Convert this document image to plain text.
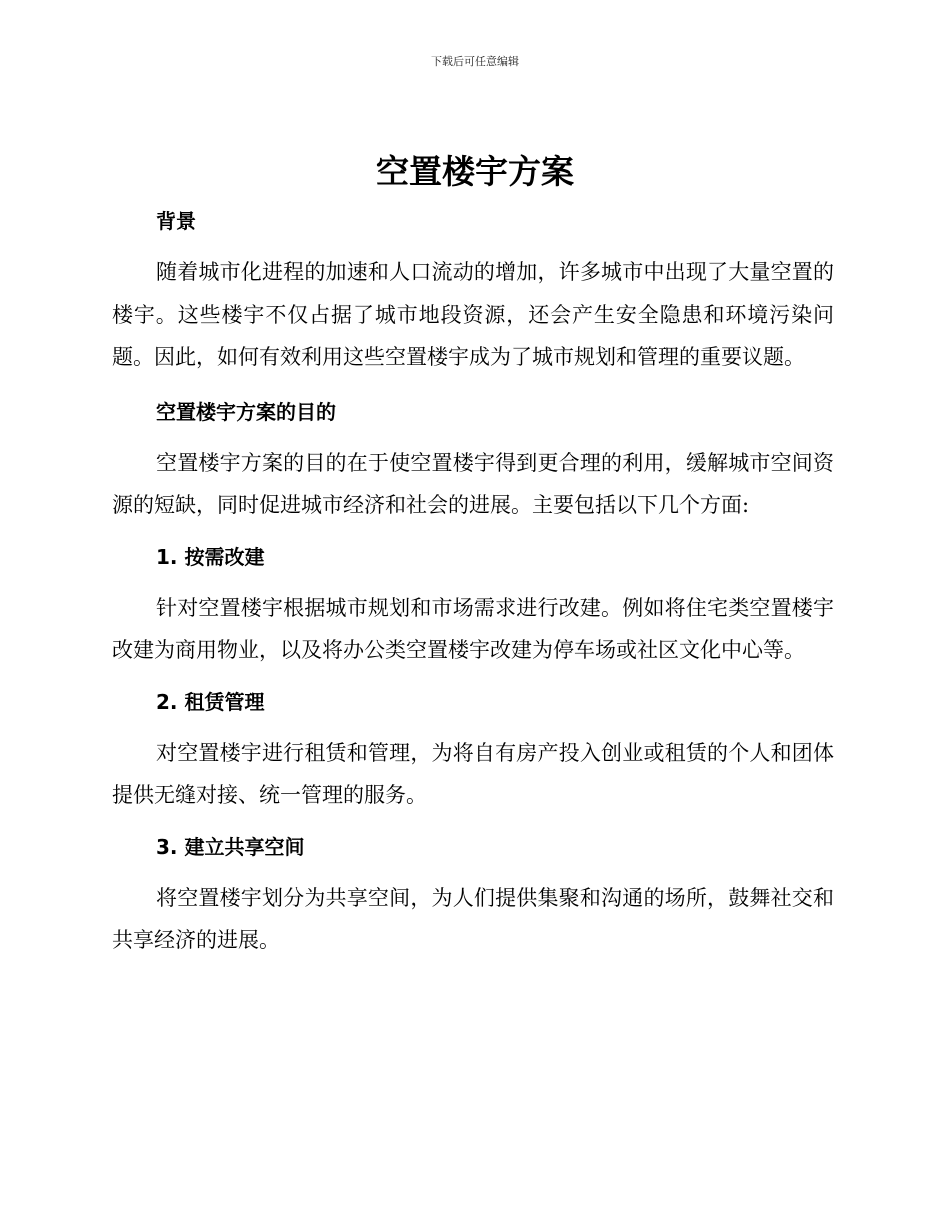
下载后可任意编辑
空置楼宇方案
背景

随着城市化进程的加速和人口流动的增加，许多城市中出现了大量空置的楼宇。这些楼宇不仅占据了城市地段资源，还会产生安全隐患和环境污染问题。因此，如何有效利用这些空置楼宇成为了城市规划和管理的重要议题。

空置楼宇方案的目的

空置楼宇方案的目的在于使空置楼宇得到更合理的利用，缓解城市空间资源的短缺，同时促进城市经济和社会的进展。主要包括以下几个方面:

1. 按需改建

针对空置楼宇根据城市规划和市场需求进行改建。例如将住宅类空置楼宇改建为商用物业，以及将办公类空置楼宇改建为停车场或社区文化中心等。

2. 租赁管理

对空置楼宇进行租赁和管理，为将自有房产投入创业或租赁的个人和团体提供无缝对接、统一管理的服务。

3. 建立共享空间

将空置楼宇划分为共享空间，为人们提供集聚和沟通的场所，鼓舞社交和共享经济的进展。
